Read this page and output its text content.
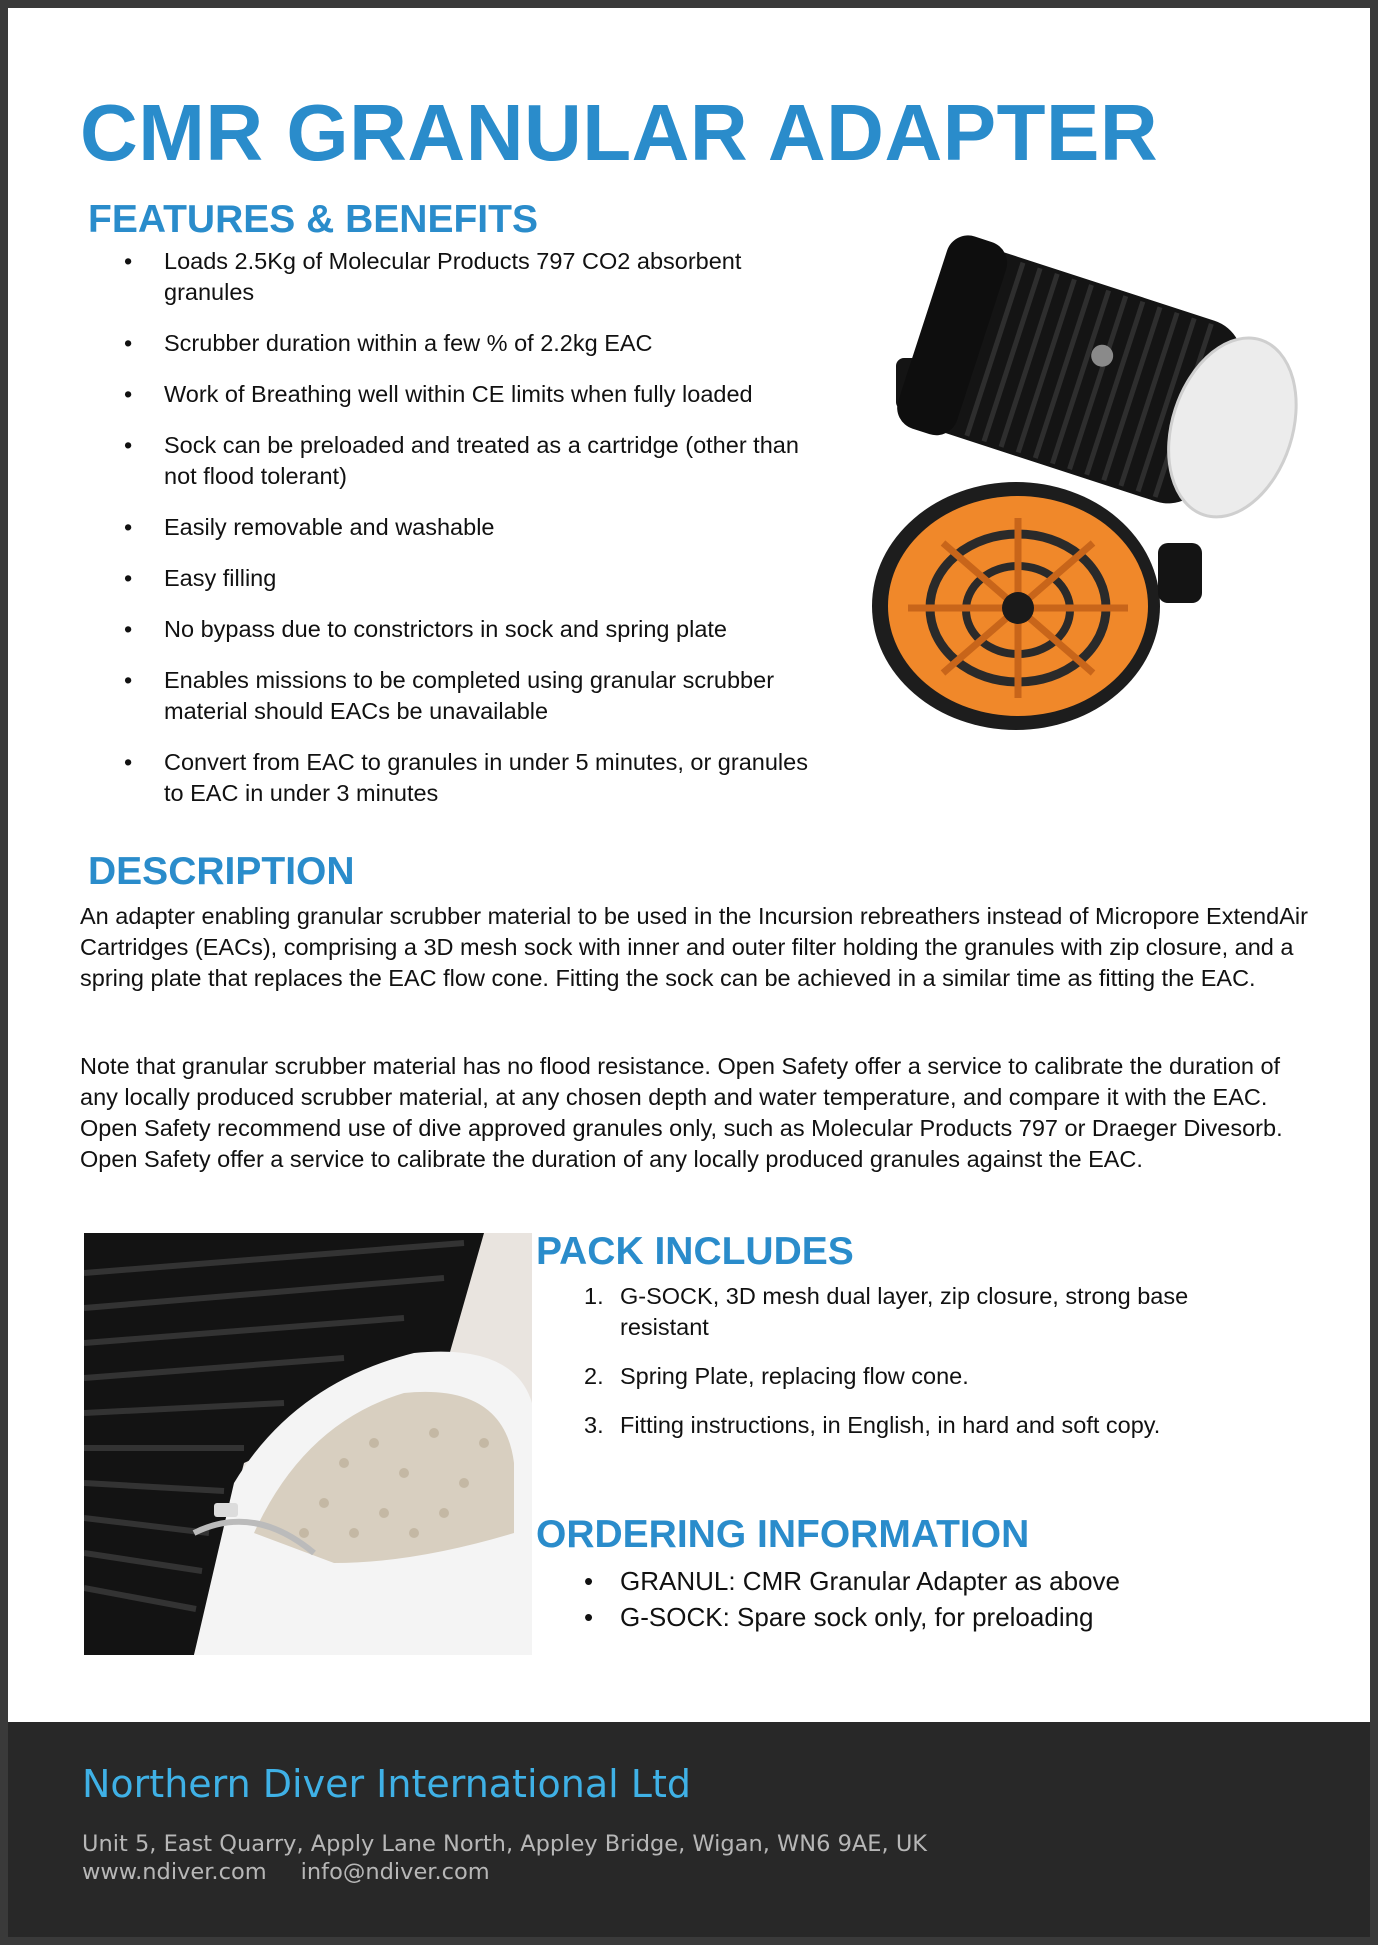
CMR GRANULAR ADAPTER
FEATURES & BENEFITS
• Loads 2.5Kg of Molecular Products 797 CO2 absorbent granules
• Scrubber duration within a few % of 2.2kg EAC
• Work of Breathing well within CE limits when fully loaded
• Sock can be preloaded and treated as a cartridge (other than not flood tolerant)
• Easily removable and washable
• Easy filling
• No bypass due to constrictors in sock and spring plate
• Enables missions to be completed using granular scrubber material should EACs be unavailable
• Convert from EAC to granules in under 5 minutes, or granules to EAC in under 3 minutes
DESCRIPTION

An adapter enabling granular scrubber material to be used in the Incursion rebreathers instead of Micropore ExtendAir Cartridges (EACs), comprising a 3D mesh sock with inner and outer filter holding the granules with zip closure, and a spring plate that replaces the EAC flow cone. Fitting the sock can be achieved in a similar time as fitting the EAC.

Note that granular scrubber material has no flood resistance. Open Safety offer a service to calibrate the duration of any locally produced scrubber material, at any chosen depth and water temperature, and compare it with the EAC. Open Safety recommend use of dive approved granules only, such as Molecular Products 797 or Draeger Divesorb. Open Safety offer a service to calibrate the duration of any locally produced granules against the EAC.

PACK INCLUDES
1. G-SOCK, 3D mesh dual layer, zip closure, strong base resistant
2. Spring Plate, replacing flow cone.
3. Fitting instructions, in English, in hard and soft copy.
ORDERING INFORMATION
• GRANUL: CMR Granular Adapter as above
• G-SOCK: Spare sock only, for preloading
Northern Diver International Ltd
Unit 5, East Quarry, Apply Lane North, Appley Bridge, Wigan, WN6 9AE, UK
www.ndiver.com info@ndiver.com
